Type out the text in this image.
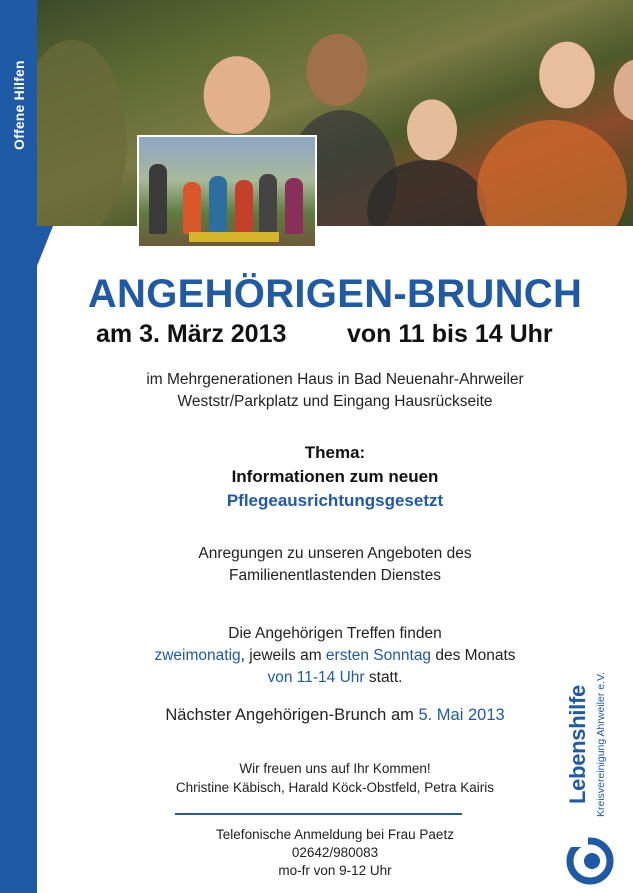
Offene Hilfen
ANGEHÖRIGEN-BRUNCH
am 3. März 2013 von 11 bis 14 Uhr
im Mehrgenerationen Haus in Bad Neuenahr-Ahrweiler
Weststr/Parkplatz und Eingang Hausrückseite
Thema:
Informationen zum neuen
Pflegeausrichtungsgesetzt
Anregungen zu unseren Angeboten des
Familienentlastenden Dienstes
Die Angehörigen Treffen finden
zweimonatig, jeweils am ersten Sonntag des Monats
von 11-14 Uhr statt.
Nächster Angehörigen-Brunch am 5. Mai 2013
Wir freuen uns auf Ihr Kommen!
Christine Käbisch, Harald Köck-Obstfeld, Petra Kairis
Telefonische Anmeldung bei Frau Paetz
02642/980083
mo-fr von 9-12 Uhr
Lebenshilfe Kreisvereinigung Ahrweiler e.V.
